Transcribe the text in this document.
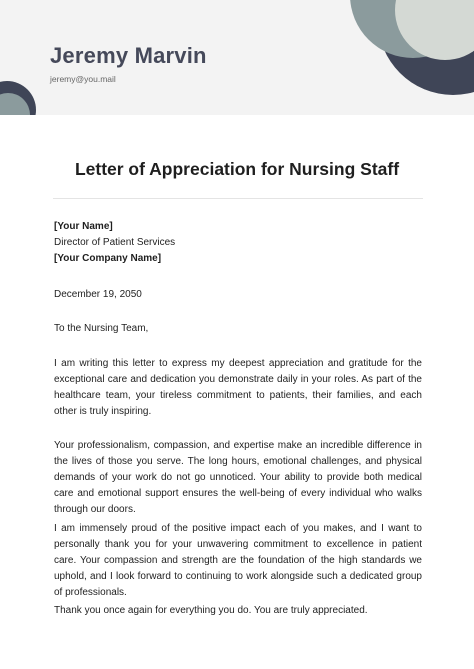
Jeremy Marvin
jeremy@you.mail
Letter of Appreciation for Nursing Staff
[Your Name]
Director of Patient Services
[Your Company Name]

December 19, 2050

To the Nursing Team,

I am writing this letter to express my deepest appreciation and gratitude for the exceptional care and dedication you demonstrate daily in your roles. As part of the healthcare team, your tireless commitment to patients, their families, and each other is truly inspiring.

Your professionalism, compassion, and expertise make an incredible difference in the lives of those you serve. The long hours, emotional challenges, and physical demands of your work do not go unnoticed. Your ability to provide both medical care and emotional support ensures the well-being of every individual who walks through our doors.

I am immensely proud of the positive impact each of you makes, and I want to personally thank you for your unwavering commitment to excellence in patient care. Your compassion and strength are the foundation of the high standards we uphold, and I look forward to continuing to work alongside such a dedicated group of professionals.

Thank you once again for everything you do. You are truly appreciated.
